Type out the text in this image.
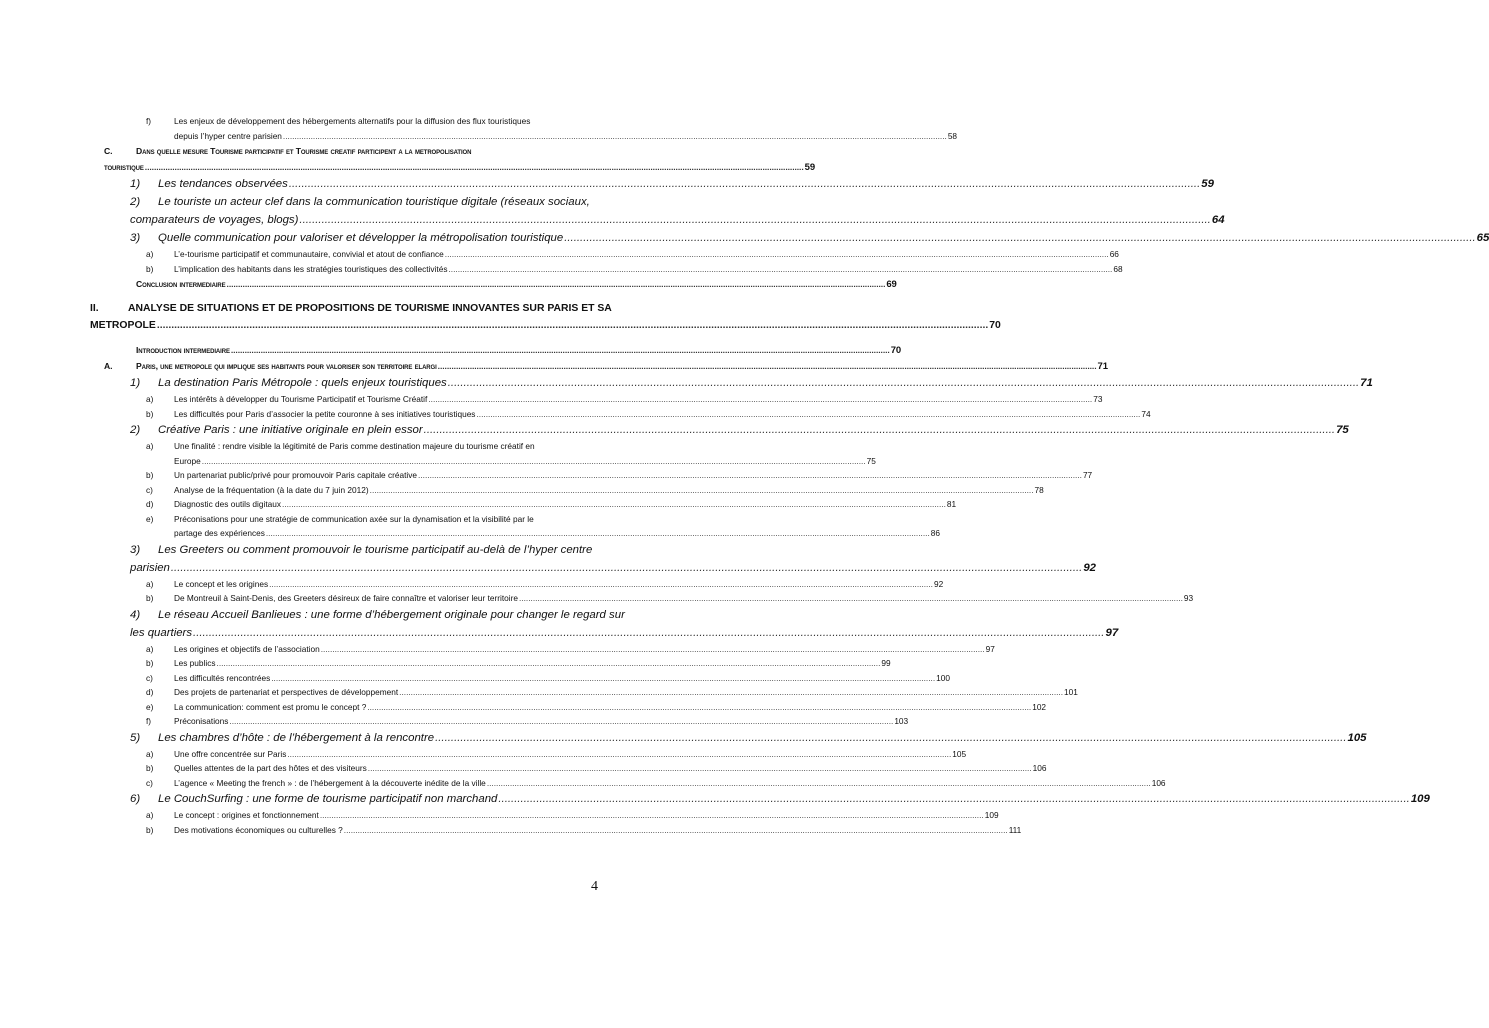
f)	Les enjeux de développement des hébergements alternatifs pour la diffusion des flux touristiques
depuis l’hyper centre parisien .....	58
C.	Dans quelle mesure Tourisme participatif et Tourisme creatif participent a la metropolisation
touristique .....	59
1)	Les tendances observées .....	59
2)	Le touriste un acteur clef dans la communication touristique digitale (réseaux sociaux,
comparateurs de voyages, blogs) .....	64
3)	Quelle communication pour valoriser et développer la métropolisation touristique .....	65
a)	L’e-tourisme participatif et communautaire, convivial et atout de confiance .....	66
b)	L’implication des habitants dans les stratégies touristiques des collectivités .....	68
Conclusion intermediaire .....	69
II.	ANALYSE DE SITUATIONS ET DE PROPOSITIONS DE TOURISME INNOVANTES SUR PARIS ET SA
METROPOLE .....	70
Introduction intermediaire .....	70
A.	Paris, une metropole qui implique ses habitants pour valoriser son territoire elargi .....	71
1)	La destination Paris Métropole : quels enjeux touristiques .....	71
a)	Les intérêts à développer du Tourisme Participatif et Tourisme Créatif .....	73
b)	Les difficultés pour Paris d’associer la petite couronne à ses initiatives touristiques .....	74
2)	Créative Paris : une initiative originale en plein essor .....	75
a)	Une finalité : rendre visible la légitimité de Paris comme destination majeure du tourisme créatif en
Europe .....	75
b)	Un partenariat public/privé pour promouvoir Paris capitale créative .....	77
c)	Analyse de la fréquentation (à la date du 7 juin 2012) .....	78
d)	Diagnostic des outils digitaux .....	81
e)	Préconisations pour une stratégie de communication axée sur la dynamisation et la visibilité par le
partage des expériences .....	86
3)	Les Greeters ou comment promouvoir le tourisme participatif au-delà de l’hyper centre
parisien .....	92
a)	Le concept et les origines .....	92
b)	De Montreuil à Saint-Denis, des Greeters désireux de faire connaître et valoriser leur territoire .....	93
4)	Le réseau Accueil Banlieues : une forme d’hébergement originale pour changer le regard sur
les quartiers .....	97
a)	Les origines et objectifs de l’association .....	97
b)	Les publics .....	99
c)	Les difficultés rencontrées .....	100
d)	Des projets de partenariat et perspectives de développement .....	101
e)	La communication: comment est promu le concept ? .....	102
f)	Préconisations .....	103
5)	Les chambres d’hôte : de l’hébergement à la rencontre .....	105
a)	Une offre concentrée sur Paris .....	105
b)	Quelles attentes de la part des hôtes et des visiteurs .....	106
c)	L’agence « Meeting the french » : de l’hébergement à la découverte inédite de la ville .....	106
6)	Le CouchSurfing : une forme de tourisme participatif non marchand .....	109
a)	Le concept : origines et fonctionnement .....	109
b)	Des motivations économiques ou culturelles ? .....	111
4
